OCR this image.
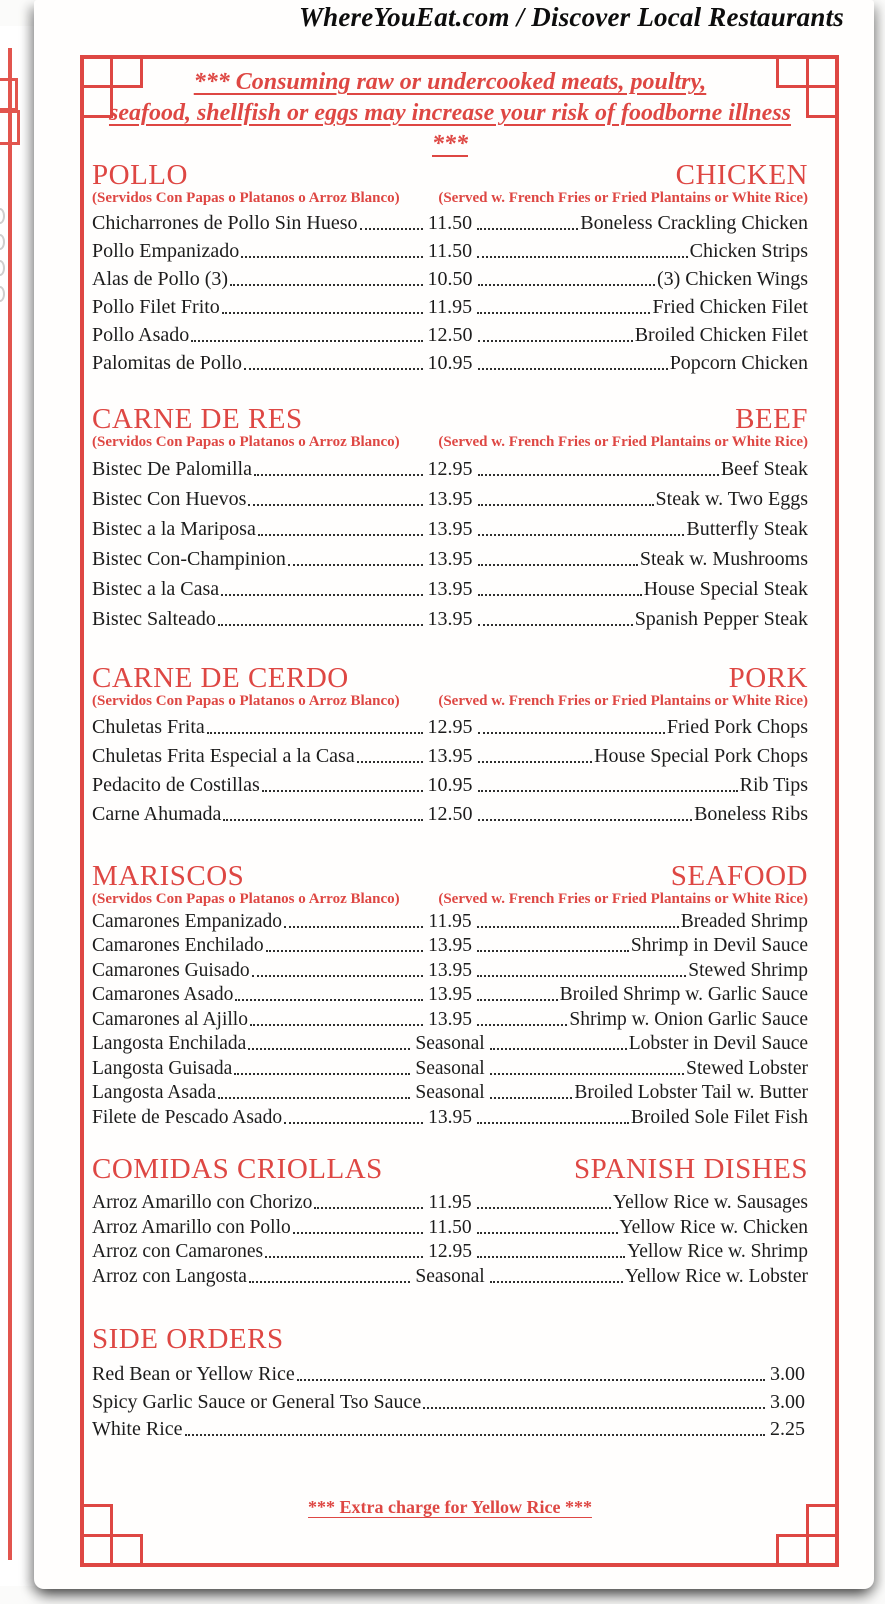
WhereYouEat.com / Discover Local Restaurants
*** Consuming raw or undercooked meats, poultry,
seafood, shellfish or eggs may increase your risk of foodborne illness ***
POLLO	CHICKEN
(Servidos Con Papas o Platanos o Arroz Blanco)	(Served w. French Fries or Fried Plantains or White Rice)
Chicharrones de Pollo Sin Hueso	11.50	Boneless Crackling Chicken
Pollo Empanizado	11.50	Chicken Strips
Alas de Pollo (3)	10.50	(3) Chicken Wings
Pollo Filet Frito	11.95	Fried Chicken Filet
Pollo Asado	12.50	Broiled Chicken Filet
Palomitas de Pollo	10.95	Popcorn Chicken
CARNE DE RES	BEEF
(Servidos Con Papas o Platanos o Arroz Blanco)	(Served w. French Fries or Fried Plantains or White Rice)
Bistec De Palomilla	12.95	Beef Steak
Bistec Con Huevos	13.95	Steak w. Two Eggs
Bistec a la Mariposa	13.95	Butterfly Steak
Bistec Con-Champinion	13.95	Steak w. Mushrooms
Bistec a la Casa	13.95	House Special Steak
Bistec Salteado	13.95	Spanish Pepper Steak
CARNE DE CERDO	PORK
(Servidos Con Papas o Platanos o Arroz Blanco)	(Served w. French Fries or Fried Plantains or White Rice)
Chuletas Frita	12.95	Fried Pork Chops
Chuletas Frita Especial a la Casa	13.95	House Special Pork Chops
Pedacito de Costillas	10.95	Rib Tips
Carne Ahumada	12.50	Boneless Ribs
MARISCOS	SEAFOOD
(Servidos Con Papas o Platanos o Arroz Blanco)	(Served w. French Fries or Fried Plantains or White Rice)
Camarones Empanizado	11.95	Breaded Shrimp
Camarones Enchilado	13.95	Shrimp in Devil Sauce
Camarones Guisado	13.95	Stewed Shrimp
Camarones Asado	13.95	Broiled Shrimp w. Garlic Sauce
Camarones al Ajillo	13.95	Shrimp w. Onion Garlic Sauce
Langosta Enchilada	Seasonal	Lobster in Devil Sauce
Langosta Guisada	Seasonal	Stewed Lobster
Langosta Asada	Seasonal	Broiled Lobster Tail w. Butter
Filete de Pescado Asado	13.95	Broiled Sole Filet Fish
COMIDAS CRIOLLAS	SPANISH DISHES
Arroz Amarillo con Chorizo	11.95	Yellow Rice w. Sausages
Arroz Amarillo con Pollo	11.50	Yellow Rice w. Chicken
Arroz con Camarones	12.95	Yellow Rice w. Shrimp
Arroz con Langosta	Seasonal	Yellow Rice w. Lobster
SIDE ORDERS
Red Bean or Yellow Rice	3.00
Spicy Garlic Sauce or General Tso Sauce	3.00
White Rice	2.25
*** Extra charge for Yellow Rice ***
